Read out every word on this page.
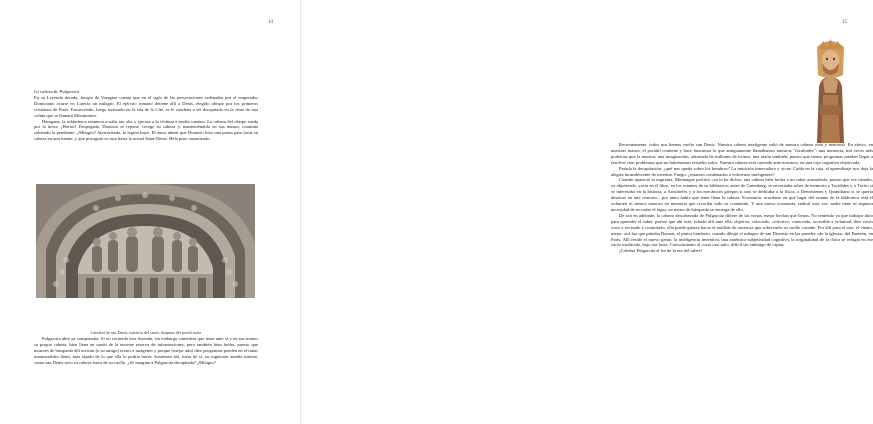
14

La cabeza de Pulgarcita

En su Leyenda dorada, Jacopo de Voragine cuenta que en el siglo de las persecuciones ordenadas por el emperador Domiciano ocurre en Lutecia un milagro. El ejército romano detiene allí a Denis, elegido obispo por los primeros cristianos de París. Encarcelado, luego torturado en la isla de la Cité, se le condena a ser decapitado en la cima de una colina que se llamará Montmartre.

Haragana, la soldadesca renuncia a subir tan alto y ejecuta a la víctima a medio camino. La cabeza del obispo rueda por la tierra. ¡Horror! Despegada, Dionisio se repone, recoge su cabeza y, manteniéndola en sus manos, continúa subiendo la pendiente. ¿Milagro? Aterrorizada, la legión huye. El autor añade que Dionisio hizo una pausa para lavar su cabeza en una fuente, y que prosiguió su ruta hasta la actual Saint-Denis. Hela pues canonizado.

Catedral de san Denis, martirio del santo, tímpano del portal norte

Pulgarcita abre su computador. Si no recuerda esta leyenda, sin embargo considera que tiene ante sí y en sus manos su propia cabeza, bien llena en razón de la enorme reserva de informaciones, pero también bien hecha, puesto que motores de búsqueda allí activan (o su amigo) textos e imágenes y porque (mejor aún) diez programas pueden en el tratar innumerables datos, más rápido de lo que ella lo podría hacer. Sostienen ahí, fuera de sí, su cognición antaño interna, como san Denis tuvo su cabeza fuera de su cuello. ¿Se imagina a Pulgarcita decapitada? ¿Milagro?

15

Recientemente, todos nos hemos vuelto san Denis. Nuestra cabeza inteligente salió de nuestra cabeza ósea y neuronal. En efecto, en nuestras manos, el portátil contiene y hace funcionar lo que antiguamente llamábamos nuestras "facultades": una memoria, mil veces más poderosa que la nuestra; una imaginación, adornada de millones de íconos; una razón también, puesto que tantos programas pueden llegar a resolver cien problemas que no hubiéramos resuelto solos. Nuestra cabeza está cayendo ante nosotros, en una caja cognitiva objetivada.

Pasada la decapitación, ¿qué nos queda sobre los hombros? La intuición innovadora y vivaz. Caída en la caja, el aprendizaje nos deja la alegría incandescente de inventar. Fuego: ¿estamos condenados a volvernos inteligentes?

Cuando apareció la imprenta, Montaigne prefirió «ya lo he dicho» una cabeza bien hecha a un saber acumulado, puesto que ese cúmulo, ya objetivado, yacía en el libro, en los estantes de su biblioteca; antes de Gutenberg, se necesitaba saber de memoria a Tucídides y a Tácito si se interesaba en la historia, a Aristóteles y a los mecánicos griegos si uno se dedicaba a la física, a Demóstenes y Quintiliano si se quería destacar en arte oratorio... por tanto había que tener llena la cabeza. Economía: acordarse en qué lugar del estante de la biblioteca está el volumen es menos oneroso en memoria que recordar todo su contenido. Y una nueva economía, radical esta vez: nadie tiene ni siquiera necesidad de recordar el lugar, un motor de búsqueda se encarga de ello.

De acá en adelante, la cabeza descabezada de Pulgarcita difiere de las viejas, mejor hechas que llenas. No teniendo ya que trabajar duro para aprender el saber, puesto que ahí está, echado allí ante ella, objetivo, colectado, colectivo, conectado, accesible a voluntad, diez veces visto y revisado y controlado, ella puede girarse hacia el mullido de ausencia que sobrevuela su cuello cortado. Por allí pasa el aire, el viento, mejor: acá luz que pintaba Bonnat, el pintor bombero, cuando dibujó el milagro de san Dionisio en las paredes «de la iglesia» del Panteón, en París. Allí reside el nuevo genio, la inteligencia inventiva, una auténtica subjetividad cognitiva, la originalidad de la chica se refugia en ese vacío traslúcido, bajo esa brisa. Conocimiento al costo casi nulo, difícil sin embargo de captar.

¿Celebra Pulgarcita el fin de la era del saber?
